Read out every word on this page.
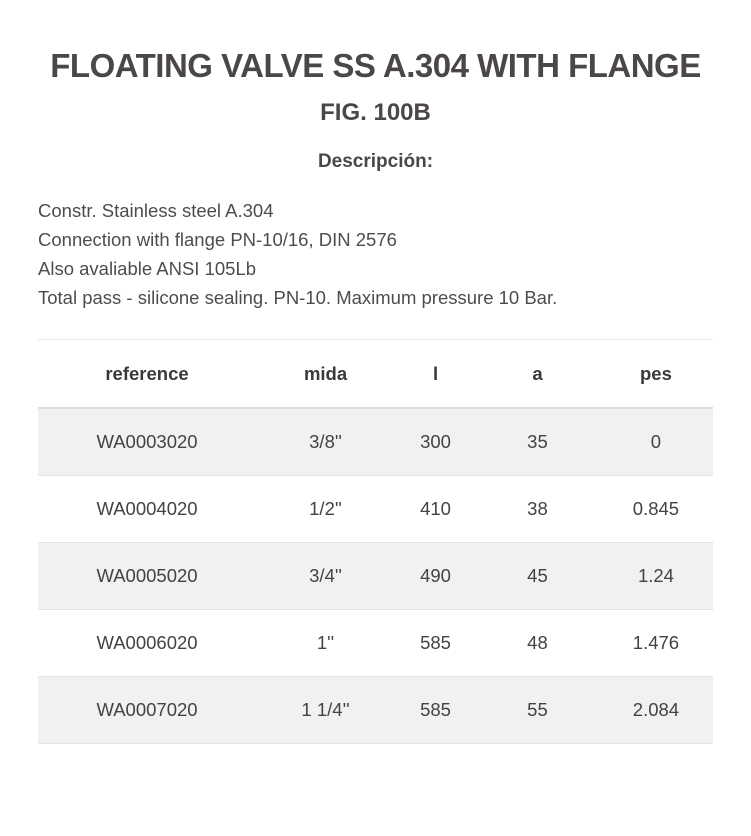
FLOATING VALVE SS A.304 WITH FLANGE
FIG. 100B
Descripción:
Constr. Stainless steel A.304
Connection with flange PN-10/16, DIN 2576
Also avaliable ANSI 105Lb
Total pass - silicone sealing. PN-10. Maximum pressure 10 Bar.
reference	mida	l	a	pes
WA0003020	3/8''	300	35	0
WA0004020	1/2''	410	38	0.845
WA0005020	3/4''	490	45	1.24
WA0006020	1''	585	48	1.476
WA0007020	1 1/4''	585	55	2.084
